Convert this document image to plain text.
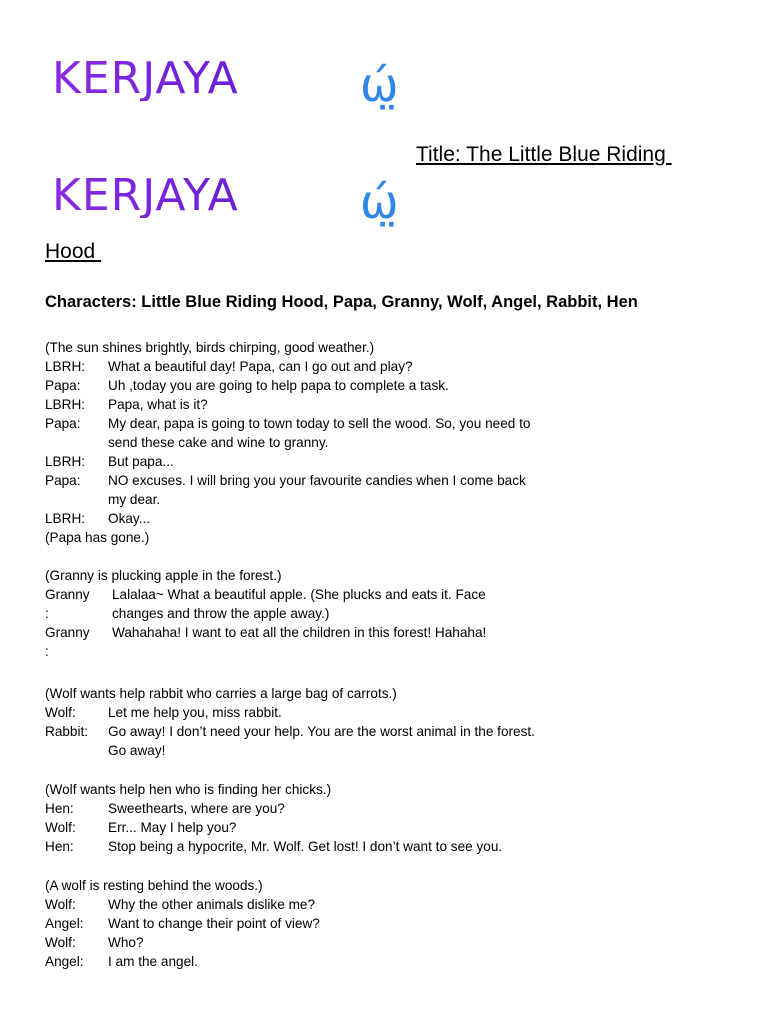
KERJAYA	ώ̤
KERJAYA	ώ̤
Title: The Little Blue Riding
Hood
Characters: Little Blue Riding Hood, Papa, Granny, Wolf, Angel, Rabbit, Hen
(The sun shines brightly, birds chirping, good weather.)
LBRH:	What a beautiful day! Papa, can I go out and play?
Papa:	Uh ,today you are going to help papa to complete a task.
LBRH:	Papa, what is it?
Papa:	My dear, papa is going to town today to sell the wood. So, you need to
send these cake and wine to granny.
LBRH:	But papa...
Papa:	NO excuses. I will bring you your favourite candies when I come back
my dear.
LBRH:	Okay...
(Papa has gone.)
(Granny is plucking apple in the forest.)
Granny	Lalalaa~ What a beautiful apple. (She plucks and eats it. Face
:	changes and throw the apple away.)
Granny	Wahahaha! I want to eat all the children in this forest! Hahaha!
:
(Wolf wants help rabbit who carries a large bag of carrots.)
Wolf:	Let me help you, miss rabbit.
Rabbit:	Go away! I don’t need your help. You are the worst animal in the forest.
Go away!
(Wolf wants help hen who is finding her chicks.)
Hen:	Sweethearts, where are you?
Wolf:	Err... May I help you?
Hen:	Stop being a hypocrite, Mr. Wolf. Get lost! I don’t want to see you.
(A wolf is resting behind the woods.)
Wolf:	Why the other animals dislike me?
Angel:	Want to change their point of view?
Wolf:	Who?
Angel:	I am the angel.
